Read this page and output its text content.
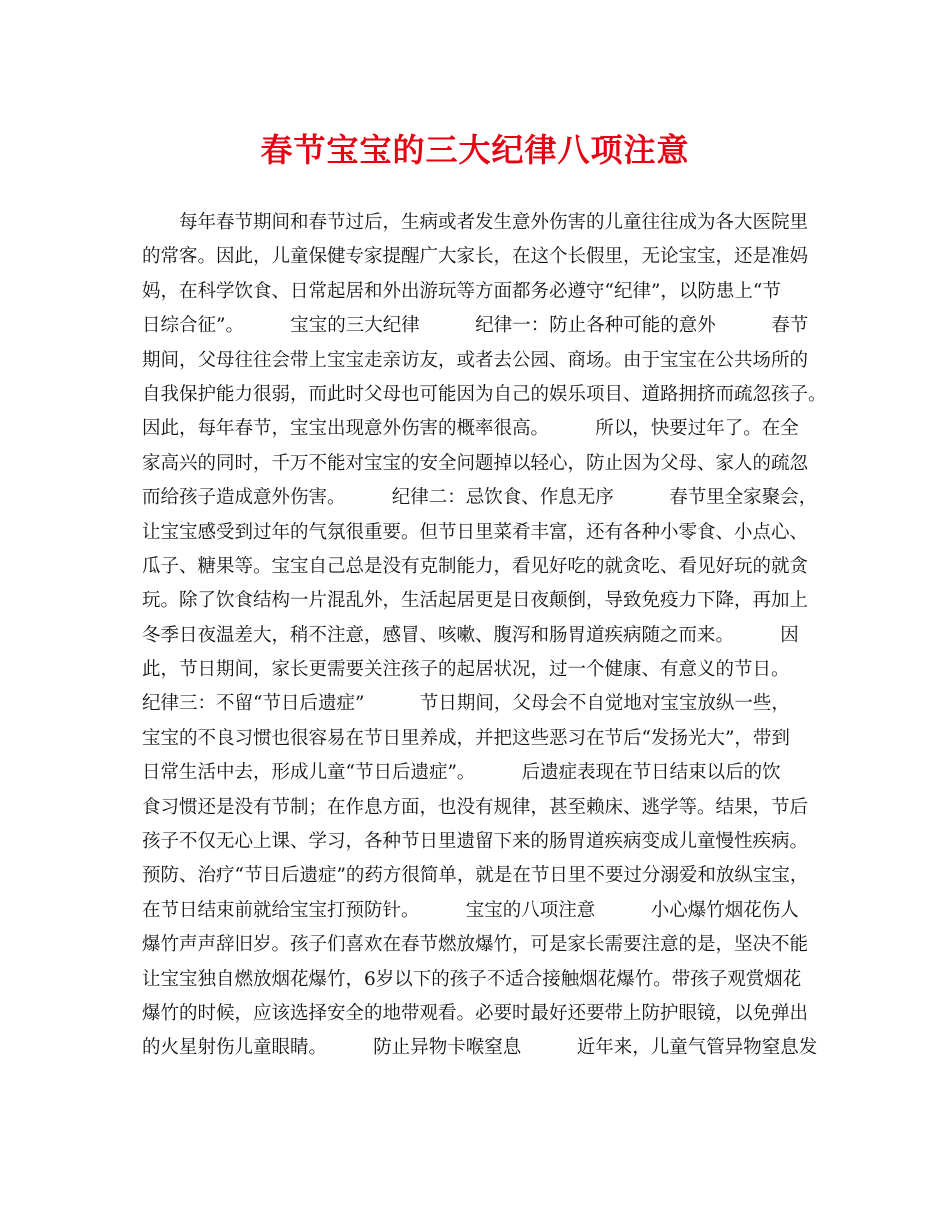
春节宝宝的三大纪律八项注意
　　每年春节期间和春节过后，生病或者发生意外伤害的儿童往往成为各大医院里
的常客。因此，儿童保健专家提醒广大家长，在这个长假里，无论宝宝，还是准妈
妈，在科学饮食、日常起居和外出游玩等方面都务必遵守“纪律”，以防患上“节
日综合征”。　　　宝宝的三大纪律　　　纪律一：防止各种可能的意外　　　春节
期间，父母往往会带上宝宝走亲访友，或者去公园、商场。由于宝宝在公共场所的
自我保护能力很弱，而此时父母也可能因为自己的娱乐项目、道路拥挤而疏忽孩子。
因此，每年春节，宝宝出现意外伤害的概率很高。　　　所以，快要过年了。在全
家高兴的同时，千万不能对宝宝的安全问题掉以轻心，防止因为父母、家人的疏忽
而给孩子造成意外伤害。　　　纪律二：忌饮食、作息无序　　　春节里全家聚会，
让宝宝感受到过年的气氛很重要。但节日里菜肴丰富，还有各种小零食、小点心、
瓜子、糖果等。宝宝自己总是没有克制能力，看见好吃的就贪吃、看见好玩的就贪
玩。除了饮食结构一片混乱外，生活起居更是日夜颠倒，导致免疫力下降，再加上
冬季日夜温差大，稍不注意，感冒、咳嗽、腹泻和肠胃道疾病随之而来。　　　因
此，节日期间，家长更需要关注孩子的起居状况，过一个健康、有意义的节日。
纪律三：不留“节日后遗症”　　　节日期间，父母会不自觉地对宝宝放纵一些，
宝宝的不良习惯也很容易在节日里养成，并把这些恶习在节后“发扬光大”，带到
日常生活中去，形成儿童“节日后遗症”。　　　后遗症表现在节日结束以后的饮
食习惯还是没有节制；在作息方面，也没有规律，甚至赖床、逃学等。结果，节后
孩子不仅无心上课、学习，各种节日里遗留下来的肠胃道疾病变成儿童慢性疾病。
预防、治疗“节日后遗症”的药方很简单，就是在节日里不要过分溺爱和放纵宝宝，
在节日结束前就给宝宝打预防针。　　　宝宝的八项注意　　　小心爆竹烟花伤人
爆竹声声辞旧岁。孩子们喜欢在春节燃放爆竹，可是家长需要注意的是，坚决不能
让宝宝独自燃放烟花爆竹，6岁以下的孩子不适合接触烟花爆竹。带孩子观赏烟花
爆竹的时候，应该选择安全的地带观看。必要时最好还要带上防护眼镜，以免弹出
的火星射伤儿童眼睛。　　　防止异物卡喉窒息　　　近年来，儿童气管异物窒息发
